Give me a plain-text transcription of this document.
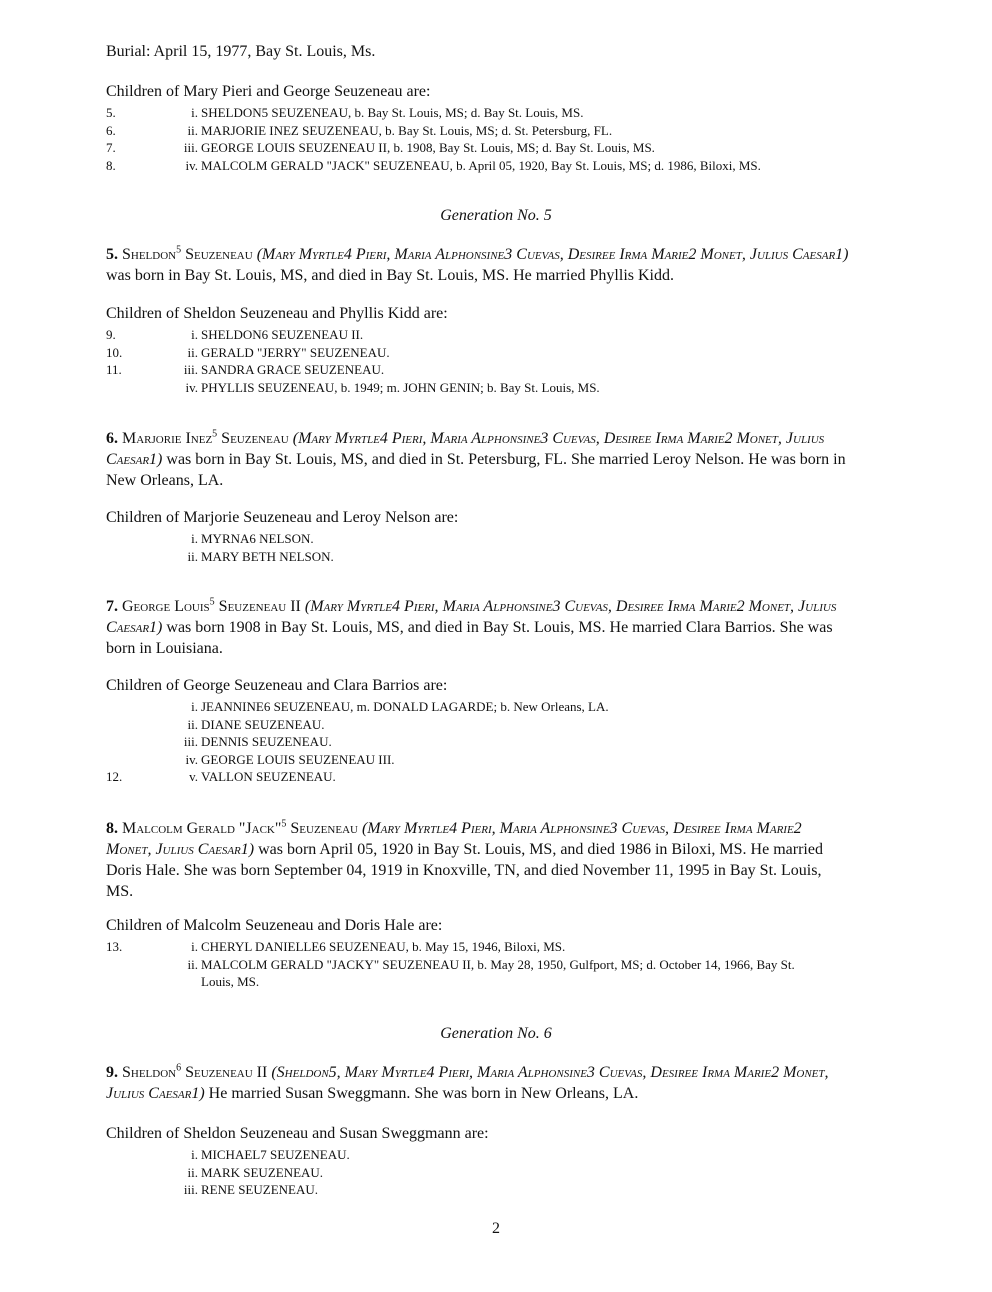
Burial: April 15, 1977, Bay St. Louis, Ms.
Children of Mary Pieri and George Seuzeneau are:
5.	i. SHELDON5 SEUZENEAU, b. Bay St. Louis, MS; d. Bay St. Louis, MS.
6.	ii. MARJORIE INEZ SEUZENEAU, b. Bay St. Louis, MS; d. St. Petersburg, FL.
7.	iii. GEORGE LOUIS SEUZENEAU II, b. 1908, Bay St. Louis, MS; d. Bay St. Louis, MS.
8.	iv. MALCOLM GERALD "JACK" SEUZENEAU, b. April 05, 1920, Bay St. Louis, MS; d. 1986, Biloxi, MS.
Generation No. 5
5. Sheldon$^5$ Seuzeneau (Mary Myrtle4 Pieri, Maria Alphonsine3 Cuevas, Desiree Irma Marie2 Monet, Julius Caesar1) was born in Bay St. Louis, MS, and died in Bay St. Louis, MS. He married Phyllis Kidd.
Children of Sheldon Seuzeneau and Phyllis Kidd are:
9.	i. SHELDON6 SEUZENEAU II.
10.	ii. GERALD "JERRY" SEUZENEAU.
11.	iii. SANDRA GRACE SEUZENEAU.
iv. PHYLLIS SEUZENEAU, b. 1949; m. JOHN GENIN; b. Bay St. Louis, MS.
6. Marjorie Inez$^5$ Seuzeneau (Mary Myrtle4 Pieri, Maria Alphonsine3 Cuevas, Desiree Irma Marie2 Monet, Julius Caesar1) was born in Bay St. Louis, MS, and died in St. Petersburg, FL. She married Leroy Nelson. He was born in New Orleans, LA.
Children of Marjorie Seuzeneau and Leroy Nelson are:
i. MYRNA6 NELSON.
ii. MARY BETH NELSON.
7. George Louis$^5$ Seuzeneau II (Mary Myrtle4 Pieri, Maria Alphonsine3 Cuevas, Desiree Irma Marie2 Monet, Julius Caesar1) was born 1908 in Bay St. Louis, MS, and died in Bay St. Louis, MS. He married Clara Barrios. She was born in Louisiana.
Children of George Seuzeneau and Clara Barrios are:
i. JEANNINE6 SEUZENEAU, m. DONALD LAGARDE; b. New Orleans, LA.
ii. DIANE SEUZENEAU.
iii. DENNIS SEUZENEAU.
iv. GEORGE LOUIS SEUZENEAU III.
12.	v. VALLON SEUZENEAU.
8. Malcolm Gerald "Jack"$^5$ Seuzeneau (Mary Myrtle4 Pieri, Maria Alphonsine3 Cuevas, Desiree Irma Marie2 Monet, Julius Caesar1) was born April 05, 1920 in Bay St. Louis, MS, and died 1986 in Biloxi, MS. He married Doris Hale. She was born September 04, 1919 in Knoxville, TN, and died November 11, 1995 in Bay St. Louis, MS.
Children of Malcolm Seuzeneau and Doris Hale are:
13.	i. CHERYL DANIELLE6 SEUZENEAU, b. May 15, 1946, Biloxi, MS.
ii. MALCOLM GERALD "JACKY" SEUZENEAU II, b. May 28, 1950, Gulfport, MS; d. October 14, 1966, Bay St.
Louis, MS.
Generation No. 6
9. Sheldon$^6$ Seuzeneau II (Sheldon5, Mary Myrtle4 Pieri, Maria Alphonsine3 Cuevas, Desiree Irma Marie2 Monet, Julius Caesar1) He married Susan Sweggmann. She was born in New Orleans, LA.
Children of Sheldon Seuzeneau and Susan Sweggmann are:
i. MICHAEL7 SEUZENEAU.
ii. MARK SEUZENEAU.
iii. RENE SEUZENEAU.
2
